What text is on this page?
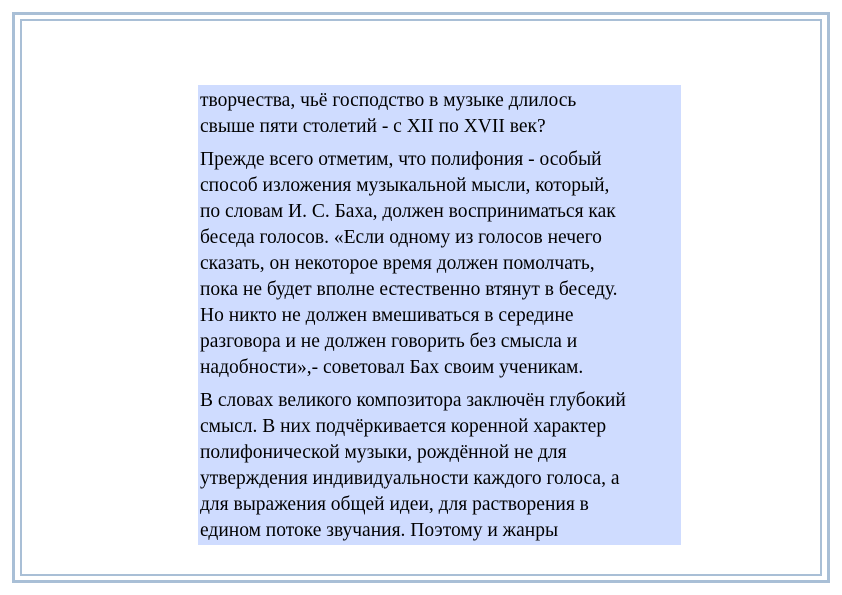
творчества, чьё господство в музыке длилось
свыше пяти столетий - с XII по XVII век?

Прежде всего отметим, что полифония - особый
способ изложения музыкальной мысли, который,
по словам И. С. Баха, должен восприниматься как
беседа голосов. «Если одному из голосов нечего
сказать, он некоторое время должен помолчать,
пока не будет вполне естественно втянут в беседу.
Но никто не должен вмешиваться в середине
разговора и не должен говорить без смысла и
надобности»,- советовал Бах своим ученикам.

В словах великого композитора заключён глубокий
смысл. В них подчёркивается коренной характер
полифонической музыки, рождённой не для
утверждения индивидуальности каждого голоса, а
для выражения общей идеи, для растворения в
едином потоке звучания. Поэтому и жанры
